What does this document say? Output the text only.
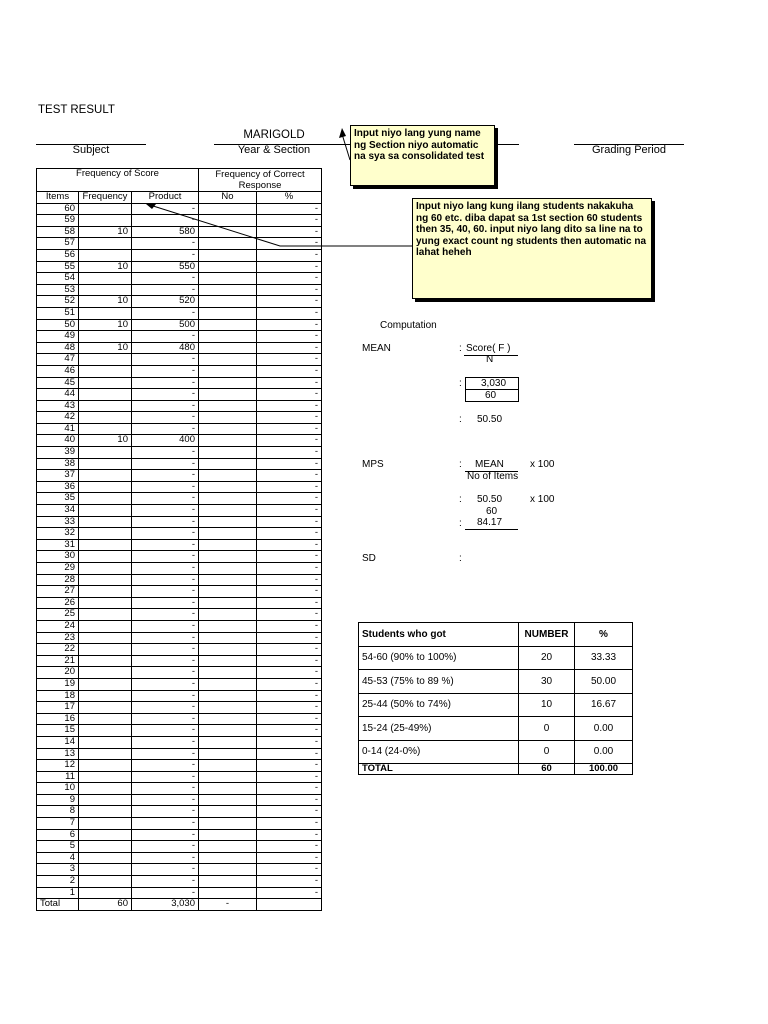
TEST RESULT
Subject
MARIGOLD
Year & Section	Grading Period
Frequency of Score			Frequency of Correct Response	

Items	Frequency	Product	No	%
60		-		-
59		-		-
58	10	580		-
57		-		-
56		-		-
55	10	550		-
54		-		-
53		-		-
52	10	520		-
51		-		-
50	10	500		-
49		-		-
48	10	480		-
47		-		-
46		-		-
45		-		-
44		-		-
43		-		-
42		-		-
41		-		-
40	10	400		-
39		-		-
38		-		-
37		-		-
36		-		-
35		-		-
34		-		-
33		-		-
32		-		-
31		-		-
30		-		-
29		-		-
28		-		-
27		-		-
26		-		-
25		-		-
24		-		-
23		-		-
22		-		-
21		-		-
20		-		-
19		-		-
18		-		-
17		-		-
16		-		-
15		-		-
14		-		-
13		-		-
12		-		-
11		-		-
10		-		-
9		-		-
8		-		-
7		-		-
6		-		-
5		-		-
4		-		-
3		-		-
2		-		-
1		-		-
Total	60	3,030	-	
Input niyo lang yung name ng Section niyo automatic na sya sa consolidated test
Input niyo lang kung ilang students nakakuha ng 60 etc. diba dapat sa 1st section 60 students then 35, 40, 60. input niyo lang dito sa line na to yung exact count ng students then automatic na lahat heheh
Computation
MEAN	: Score( F )
N
: 3,030
60
: 50.50
MPS	: MEAN
No of Items
x 100
: 50.50	x 100
60
: 84.17
SD	:
Students who got	NUMBER	%
54-60 (90% to 100%)	20	33.33
45-53 (75% to 89 %)	30	50.00
25-44 (50% to 74%)	10	16.67
15-24 (25-49%)	0	0.00
0-14 (24-0%)	0	0.00
TOTAL	60	100.00
